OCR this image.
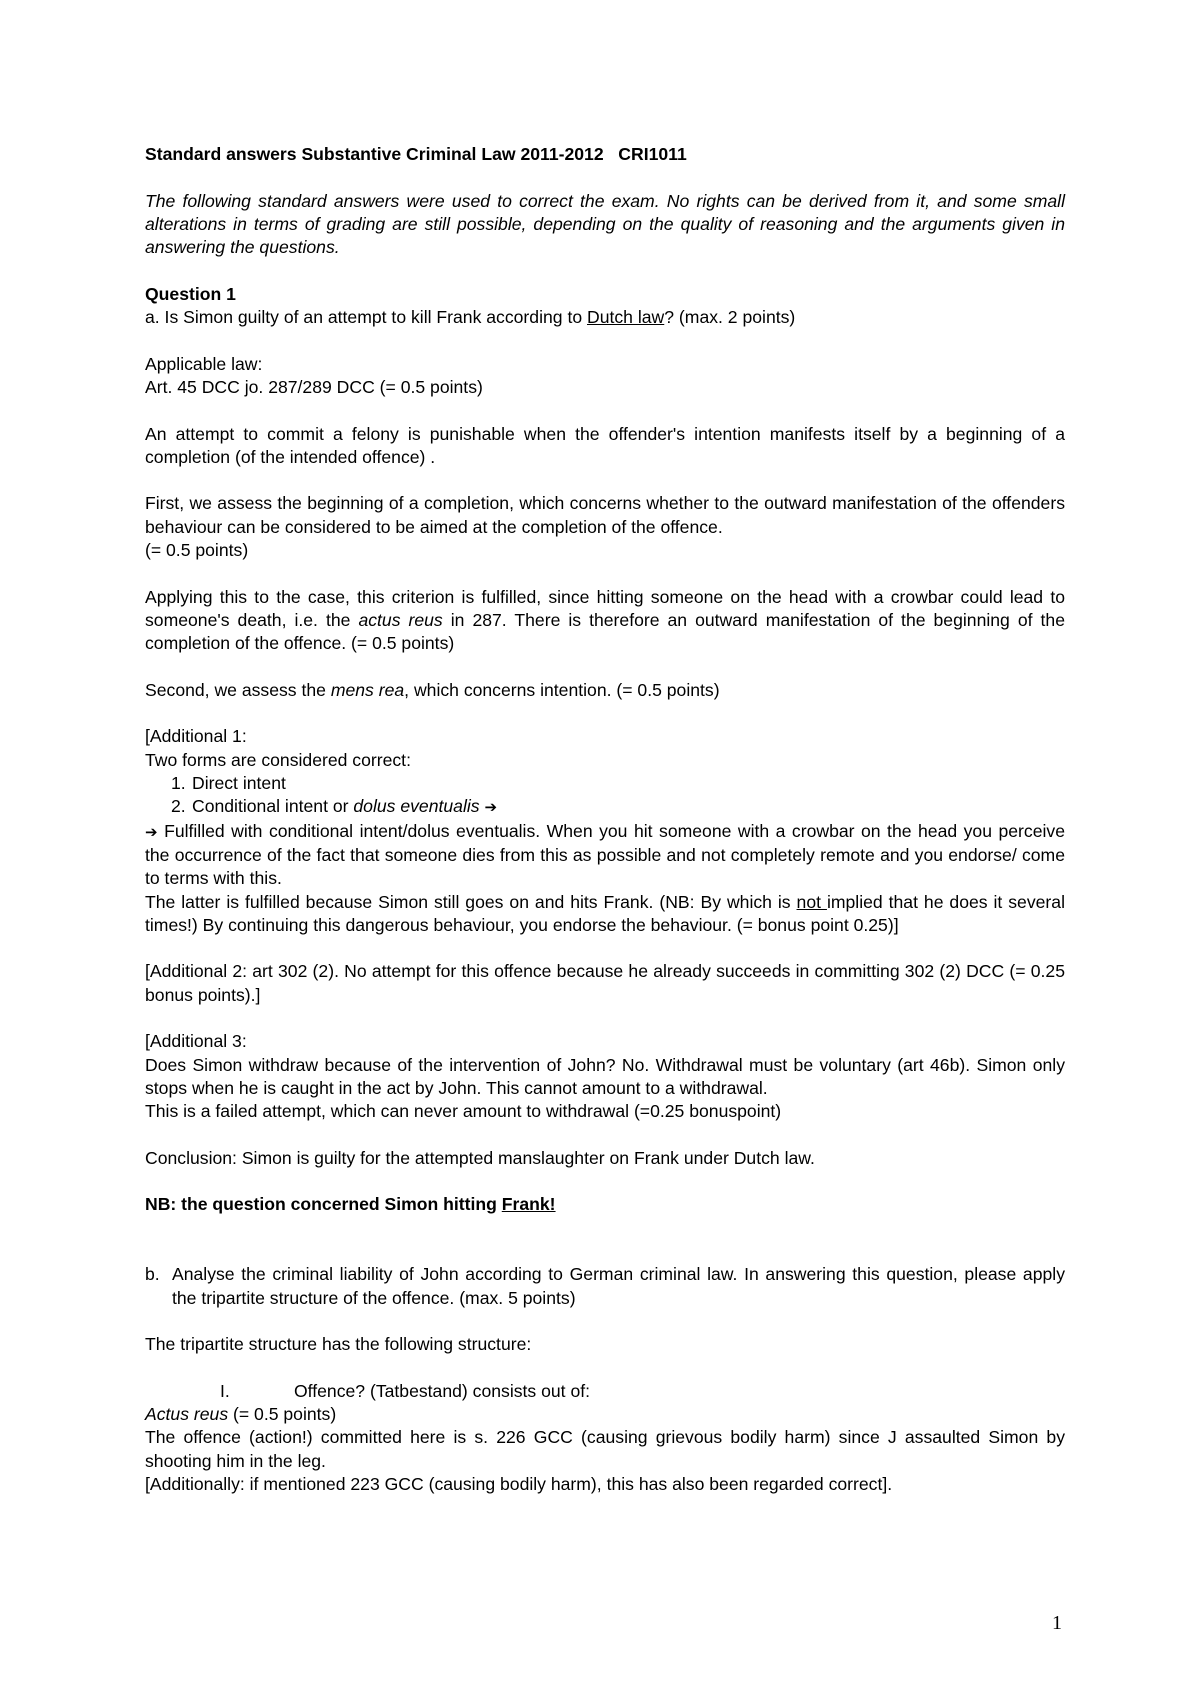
Standard answers Substantive Criminal Law 2011-2012 CRI1011

The following standard answers were used to correct the exam. No rights can be derived from it, and some small alterations in terms of grading are still possible, depending on the quality of reasoning and the arguments given in answering the questions.

Question 1

a. Is Simon guilty of an attempt to kill Frank according to Dutch law? (max. 2 points)

Applicable law:

Art. 45 DCC jo. 287/289 DCC (= 0.5 points)

An attempt to commit a felony is punishable when the offender's intention manifests itself by a beginning of a completion (of the intended offence) .

First, we assess the beginning of a completion, which concerns whether to the outward manifestation of the offenders behaviour can be considered to be aimed at the completion of the offence.

(= 0.5 points)

Applying this to the case, this criterion is fulfilled, since hitting someone on the head with a crowbar could lead to someone's death, i.e. the actus reus in 287. There is therefore an outward manifestation of the beginning of the completion of the offence. (= 0.5 points)

Second, we assess the mens rea, which concerns intention. (= 0.5 points)

[Additional 1:

Two forms are considered correct:

1. Direct intent

2. Conditional intent or dolus eventualis ➔

➔ Fulfilled with conditional intent/dolus eventualis. When you hit someone with a crowbar on the head you perceive the occurrence of the fact that someone dies from this as possible and not completely remote and you endorse/ come to terms with this.

The latter is fulfilled because Simon still goes on and hits Frank. (NB: By which is not implied that he does it several times!) By continuing this dangerous behaviour, you endorse the behaviour. (= bonus point 0.25)]

[Additional 2: art 302 (2). No attempt for this offence because he already succeeds in committing 302 (2) DCC (= 0.25 bonus points).]

[Additional 3:

Does Simon withdraw because of the intervention of John? No. Withdrawal must be voluntary (art 46b). Simon only stops when he is caught in the act by John. This cannot amount to a withdrawal.

This is a failed attempt, which can never amount to withdrawal (=0.25 bonuspoint)

Conclusion: Simon is guilty for the attempted manslaughter on Frank under Dutch law.

NB: the question concerned Simon hitting Frank!

b. Analyse the criminal liability of John according to German criminal law. In answering this question, please apply the tripartite structure of the offence. (max. 5 points)

The tripartite structure has the following structure:

I.	Offence? (Tatbestand) consists out of:

Actus reus (= 0.5 points)

The offence (action!) committed here is s. 226 GCC (causing grievous bodily harm) since J assaulted Simon by shooting him in the leg.

[Additionally: if mentioned 223 GCC (causing bodily harm), this has also been regarded correct].

1
